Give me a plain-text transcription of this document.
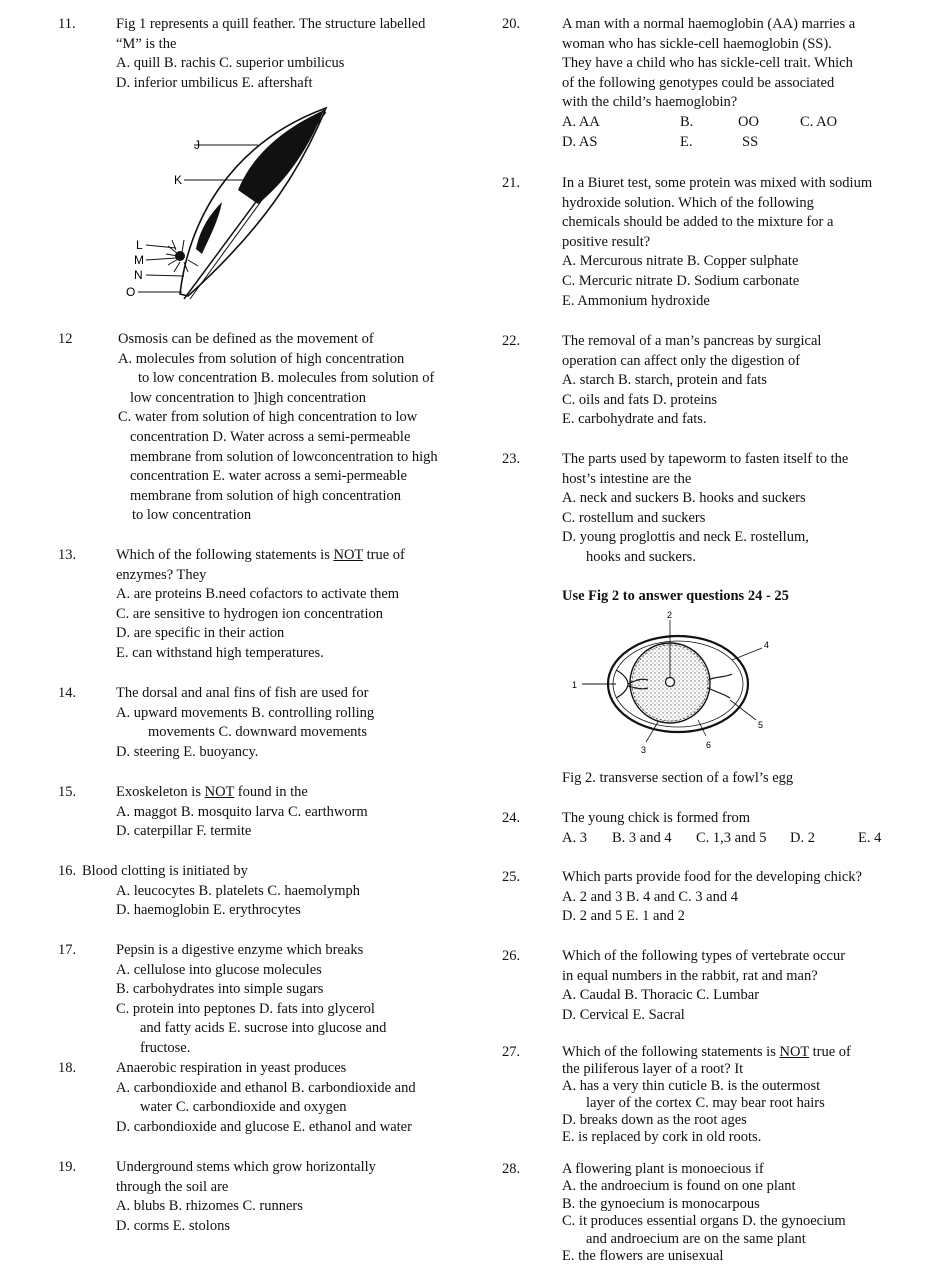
11.	Fig 1 represents a quill feather. The structure labelled
“M” is the
A. quill B. rachis C. superior umbilicus
D. inferior umbilicus E. aftershaft
J
K
L
M
N
O
12	Osmosis can be defined as the movement of
A. molecules from solution of high concentration
to low concentration B. molecules from solution of
low concentration to ]high concentration
C. water from solution of high concentration to low
concentration D. Water across a semi-permeable
membrane from solution of lowconcentration to high
concentration E. water across a semi-permeable
membrane from solution of high concentration
to low concentration
13.	Which of the following statements is NOT true of
enzymes? They
A. are proteins B.need cofactors to activate them
C. are sensitive to hydrogen ion concentration
D. are specific in their action
E. can withstand high temperatures.
14.	The dorsal and anal fins of fish are used for
A. upward movements B. controlling rolling
movements C. downward movements
D. steering E. buoyancy.
15.	Exoskeleton is NOT found in the
A. maggot B. mosquito larva C. earthworm
D. caterpillar F. termite
16. Blood clotting is initiated by
A. leucocytes B. platelets C. haemolymph
D. haemoglobin E. erythrocytes
17.	Pepsin is a digestive enzyme which breaks
A. cellulose into glucose molecules
B. carbohydrates into simple sugars
C. protein into peptones D. fats into glycerol
and fatty acids E. sucrose into glucose and
fructose.
18.	Anaerobic respiration in yeast produces
A. carbondioxide and ethanol B. carbondioxide and
water C. carbondioxide and oxygen
D. carbondioxide and glucose E. ethanol and water
19.	Underground stems which grow horizontally
through the soil are
A. blubs B. rhizomes C. runners
D. corms E. stolons
20.	A man with a normal haemoglobin (AA) marries a
woman who has sickle-cell haemoglobin (SS).
They have a child who has sickle-cell trait. Which
of the following genotypes could be associated
with the child’s haemoglobin?
A. AA	B.	OO	C. AO
D. AS	E.	SS
21.	In a Biuret test, some protein was mixed with sodium
hydroxide solution. Which of the following
chemicals should be added to the mixture for a
positive result?
A. Mercurous nitrate B. Copper sulphate
C. Mercuric nitrate D. Sodium carbonate
E. Ammonium hydroxide
22.	The removal of a man’s pancreas by surgical
operation can affect only the digestion of
A. starch B. starch, protein and fats
C. oils and fats D. proteins
E. carbohydrate and fats.
23.	The parts used by tapeworm to fasten itself to the
host’s intestine are the
A. neck and suckers B. hooks and suckers
C. rostellum and suckers
D. young proglottis and neck E. rostellum,
hooks and suckers.
Use Fig 2 to answer questions 24 - 25
1
2
3
4
5
6
Fig 2. transverse section of a fowl’s egg
24.	The young chick is formed from
A. 3 B. 3 and 4 C. 1,3 and 5 D. 2	E. 4
25.	Which parts provide food for the developing chick?
A. 2 and 3 B. 4 and C. 3 and 4
D. 2 and 5 E. 1 and 2
26.	Which of the following types of vertebrate occur
in equal numbers in the rabbit, rat and man?
A. Caudal B. Thoracic C. Lumbar
D. Cervical E. Sacral
27.	Which of the following statements is NOT true of
the piliferous layer of a root? It
A. has a very thin cuticle B. is the outermost
layer of the cortex C. may bear root hairs
D. breaks down as the root ages
E. is replaced by cork in old roots.
28.	A flowering plant is monoecious if
A. the androecium is found on one plant
B. the gynoecium is monocarpous
C. it produces essential organs D. the gynoecium
and androecium are on the same plant
E. the flowers are unisexual
